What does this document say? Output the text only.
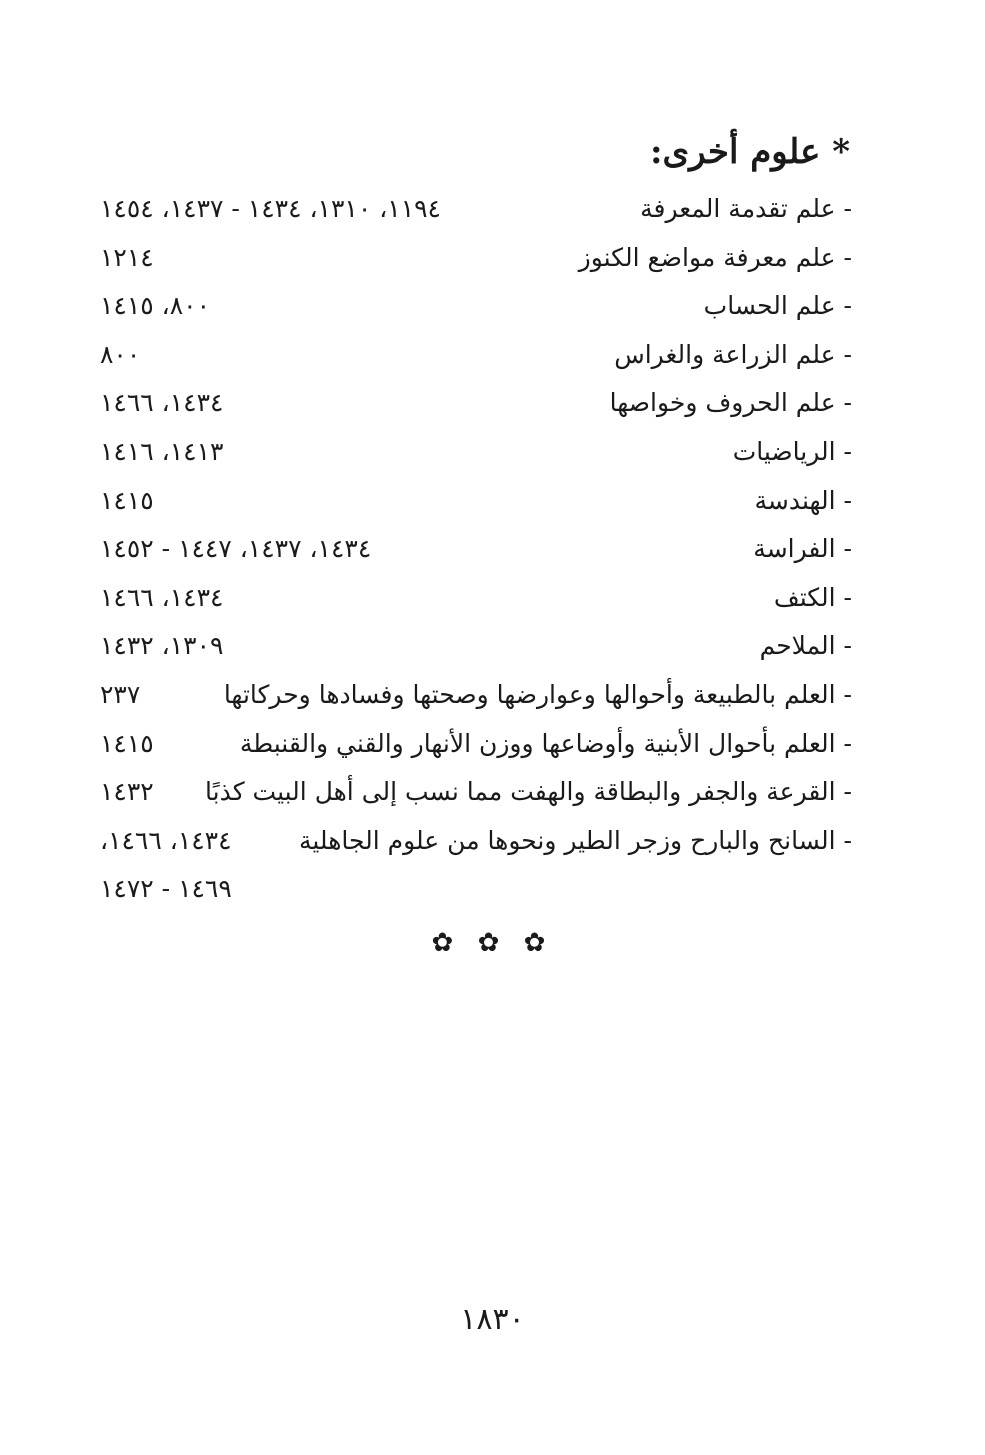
* علوم أخرى:
- علم تقدمة المعرفة
١١٩٤، ١٣١٠، ١٤٣٤ - ١٤٣٧، ١٤٥٤
- علم معرفة مواضع الكنوز
١٢١٤
- علم الحساب
٨٠٠، ١٤١٥
- علم الزراعة والغراس
٨٠٠
- علم الحروف وخواصها
١٤٣٤، ١٤٦٦
- الرياضيات
١٤١٣، ١٤١٦
- الهندسة
١٤١٥
- الفراسة
١٤٣٤، ١٤٣٧، ١٤٤٧ - ١٤٥٢
- الكتف
١٤٣٤، ١٤٦٦
- الملاحم
١٣٠٩، ١٤٣٢
- العلم بالطبيعة وأحوالها وعوارضها وصحتها وفسادها وحركاتها
٢٣٧
- العلم بأحوال الأبنية وأوضاعها ووزن الأنهار والقني والقنبطة
١٤١٥
- القرعة والجفر والبطاقة والهفت مما نسب إلى أهل البيت كذبًا
١٤٣٢
- السانح والبارح وزجر الطير ونحوها من علوم الجاهلية
١٤٣٤، ١٤٦٦،
١٤٦٩ - ١٤٧٢
✿ ✿ ✿
١٨٣٠
